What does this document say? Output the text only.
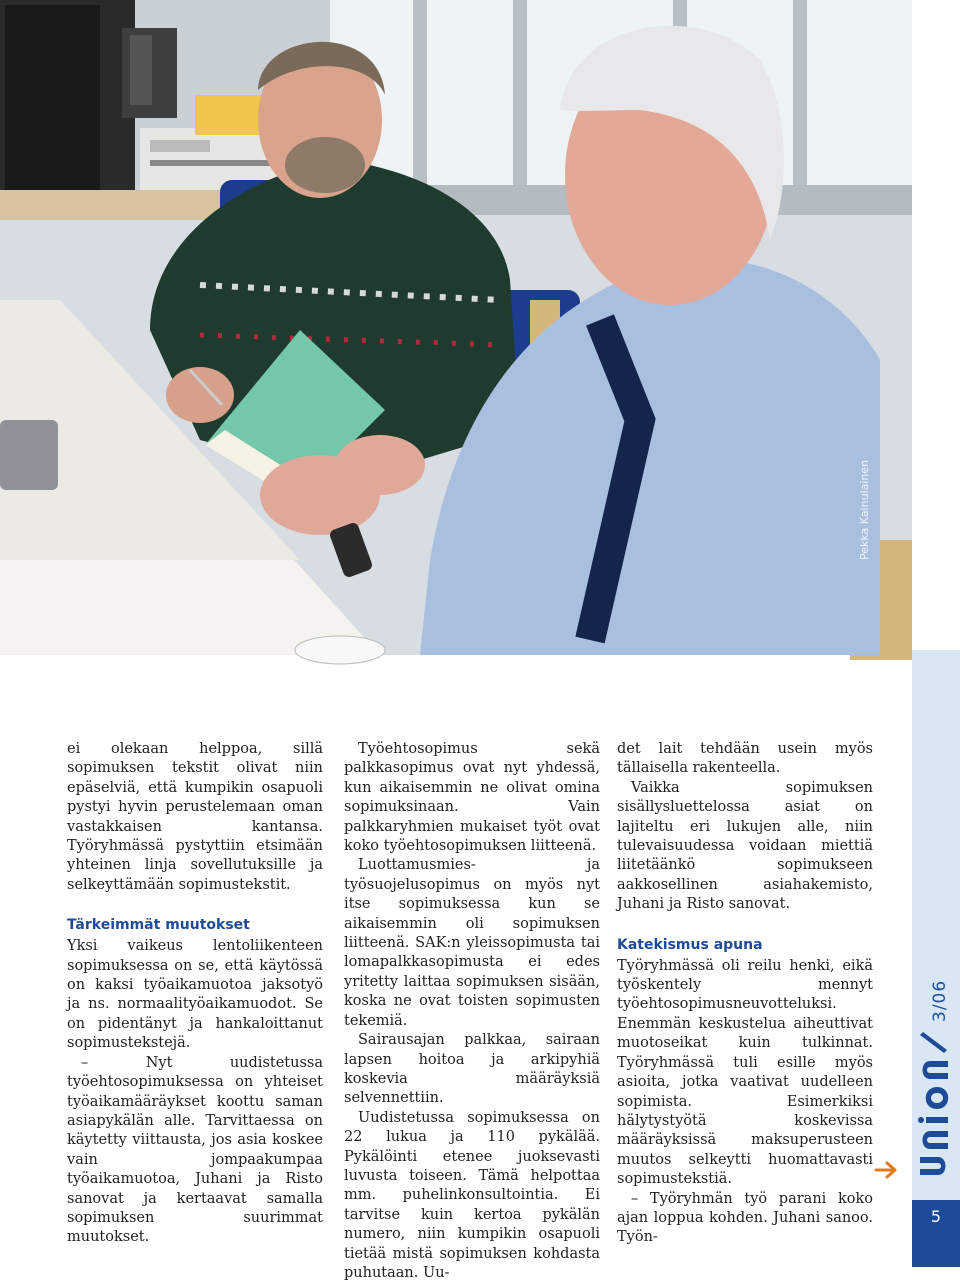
Pekka Kainulainen
3/06
5

ei olekaan helppoa, sillä sopimuksen tekstit olivat niin epäselviä, että kumpikin osapuoli pystyi hyvin perustelemaan oman vastakkaisen kantansa. Työryhmässä pystyttiin etsimään yhteinen linja sovellutuksille ja selkeyttämään sopimustekstit.

Tärkeimmät muutokset

Yksi vaikeus lentoliikenteen sopimuksessa on se, että käytössä on kaksi työaikamuotoa jaksotyö ja ns. normaalityöaikamuodot. Se on pidentänyt ja hankaloittanut sopimustekstejä.

– Nyt uudistetussa työehtosopimuksessa on yhteiset työaikamääräykset koottu saman asiapykälän alle. Tarvittaessa on käytetty viittausta, jos asia koskee vain jompaakumpaa työaikamuotoa, Juhani ja Risto sanovat ja kertaavat samalla sopimuksen suurimmat muutokset.

Työehtosopimus sekä palkkasopimus ovat nyt yhdessä, kun aikaisemmin ne olivat omina sopimuksinaan. Vain palkkaryhmien mukaiset työt ovat koko työehtosopimuksen liitteenä.

Luottamusmies- ja työsuojelusopimus on myös nyt itse sopimuksessa kun se aikaisemmin oli sopimuksen liitteenä. SAK:n yleissopimusta tai lomapalkkasopimusta ei edes yritetty laittaa sopimuksen sisään, koska ne ovat toisten sopimusten tekemiä.

Sairausajan palkkaa, sairaan lapsen hoitoa ja arkipyhiä koskevia määräyksiä selvennettiin.

Uudistetussa sopimuksessa on 22 lukua ja 110 pykälää. Pykälöinti etenee juoksevasti luvusta toiseen. Tämä helpottaa mm. puhelinkonsultointia. Ei tarvitse kuin kertoa pykälän numero, niin kumpikin osapuoli tietää mistä sopimuksen kohdasta puhutaan. Uu-

det lait tehdään usein myös tällaisella rakenteella.

Vaikka sopimuksen sisällysluettelossa asiat on lajiteltu eri lukujen alle, niin tulevaisuudessa voidaan miettiä liitetäänkö sopimukseen aakkosellinen asiahakemisto, Juhani ja Risto sanovat.

Katekismus apuna

Työryhmässä oli reilu henki, eikä työskentely mennyt työehtosopimusneuvotteluksi. Enemmän keskustelua aiheuttivat muotoseikat kuin tulkinnat. Työryhmässä tuli esille myös asioita, jotka vaativat uudelleen sopimista. Esimerkiksi hälytystyötä koskevissa määräyksissä maksuperusteen muutos selkeytti huomattavasti sopimustekstiä.

– Työryhmän työ parani koko ajan loppua kohden. Juhani sanoo. Työn-
